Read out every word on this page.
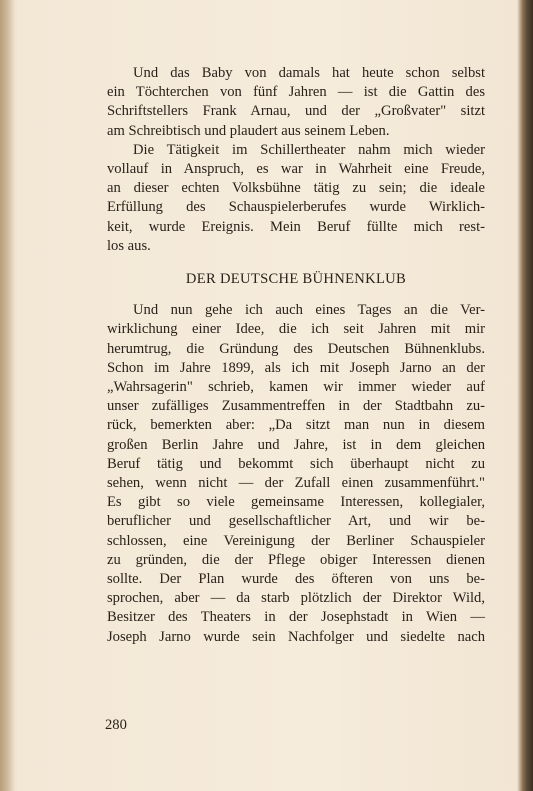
Und das Baby von damals hat heute schon selbst
ein Töchterchen von fünf Jahren — ist die Gattin des
Schriftstellers Frank Arnau, und der „Großvater" sitzt
am Schreibtisch und plaudert aus seinem Leben.

Die Tätigkeit im Schillertheater nahm mich wieder
vollauf in Anspruch, es war in Wahrheit eine Freude,
an dieser echten Volksbühne tätig zu sein; die ideale
Erfüllung des Schauspielerberufes wurde Wirklich-
keit, wurde Ereignis. Mein Beruf füllte mich rest-
los aus.

DER DEUTSCHE BÜHNENKLUB

Und nun gehe ich auch eines Tages an die Ver-
wirklichung einer Idee, die ich seit Jahren mit mir
herumtrug, die Gründung des Deutschen Bühnenklubs.
Schon im Jahre 1899, als ich mit Joseph Jarno an der
„Wahrsagerin" schrieb, kamen wir immer wieder auf
unser zufälliges Zusammentreffen in der Stadtbahn zu-
rück, bemerkten aber: „Da sitzt man nun in diesem
großen Berlin Jahre und Jahre, ist in dem gleichen
Beruf tätig und bekommt sich überhaupt nicht zu
sehen, wenn nicht — der Zufall einen zusammenführt."
Es gibt so viele gemeinsame Interessen, kollegialer,
beruflicher und gesellschaftlicher Art, und wir be-
schlossen, eine Vereinigung der Berliner Schauspieler
zu gründen, die der Pflege obiger Interessen dienen
sollte. Der Plan wurde des öfteren von uns be-
sprochen, aber — da starb plötzlich der Direktor Wild,
Besitzer des Theaters in der Josephstadt in Wien —
Joseph Jarno wurde sein Nachfolger und siedelte nach

280
